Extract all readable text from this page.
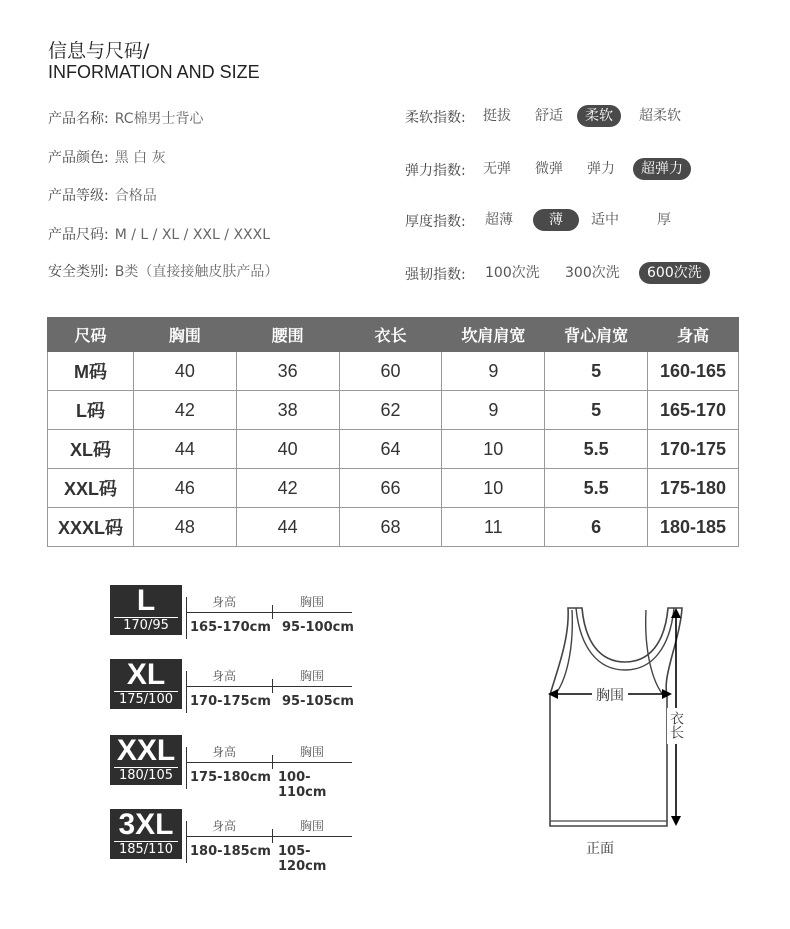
信息与尺码/
INFORMATION AND SIZE
产品名称: RC棉男士背心
产品颜色: 黑 白 灰
产品等级: 合格品
产品尺码: M / L / XL / XXL / XXXL
安全类别: B类（直接接触皮肤产品）
柔软指数:	挺拔	舒适	柔软	超柔软
弹力指数:	无弹	微弹	弹力	超弹力
厚度指数:	超薄	薄	适中	厚
强韧指数:	100次洗	300次洗	600次洗
尺码	胸围	腰围	衣长	坎肩肩宽	背心肩宽	身高
M码	40	36	60	9	5	160-165
L码	42	38	62	9	5	165-170
XL码	44	40	64	10	5.5	170-175
XXL码	46	42	66	10	5.5	175-180
XXXL码	48	44	68	11	6	180-185
L
170/95
身高	胸围
165-170cm 95-100cm
XL
175/100
身高	胸围
170-175cm 95-105cm
XXL
180/105
身高	胸围
175-180cm 100-110cm
3XL
185/110
身高	胸围
180-185cm 105-120cm
胸围
衣长
正面
